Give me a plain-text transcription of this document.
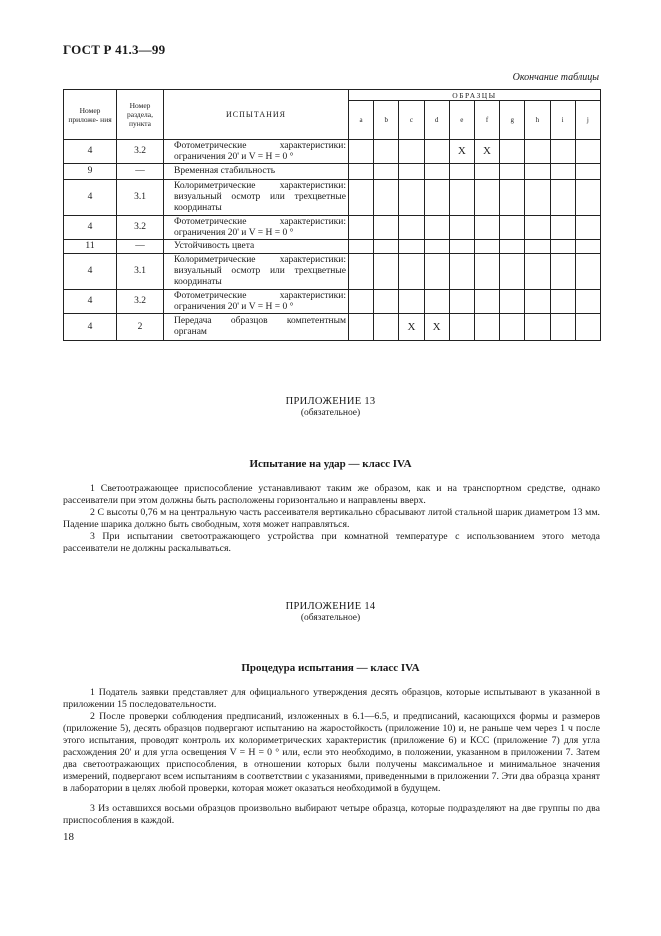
ГОСТ Р 41.3—99
Окончание таблицы
Номер приложе- ния	Номер раздела, пункта	ИСПЫТАНИЯ	ОБРАЗЦЫ									
			a	b	c	d	e	f	g	h	i	j
4	3.2	Фотометрические характеристики: ограничения 20' и V = H = 0 °					X	X				
9	—	Временная стабильность										
4	3.1	Колориметрические характеристики: визуальный осмотр или трехцветные координаты										
4	3.2	Фотометрические характеристики: ограничения 20' и V = H = 0 °										
11	—	Устойчивость цвета										
4	3.1	Колориметрические характеристики: визуальный осмотр или трехцветные координаты										
4	3.2	Фотометрические характеристики: ограничения 20' и V = H = 0 °										
4	2	Передача образцов компетентным органам			X	X						
ПРИЛОЖЕНИЕ 13
(обязательное)
Испытание на удар — класс IVA
1 Светоотражающее приспособление устанавливают таким же образом, как и на транспортном средстве, однако рассеиватели при этом должны быть расположены горизонтально и направлены вверх.
2 С высоты 0,76 м на центральную часть рассеивателя вертикально сбрасывают литой стальной шарик диаметром 13 мм. Падение шарика должно быть свободным, хотя может направляться.
3 При испытании светоотражающего устройства при комнатной температуре с использованием этого метода рассеиватели не должны раскалываться.
ПРИЛОЖЕНИЕ 14
(обязательное)
Процедура испытания — класс IVA
1 Податель заявки представляет для официального утверждения десять образцов, которые испытывают в указанной в приложении 15 последовательности.
2 После проверки соблюдения предписаний, изложенных в 6.1—6.5, и предписаний, касающихся формы и размеров (приложение 5), десять образцов подвергают испытанию на жаростойкость (приложение 10) и, не раньше чем через 1 ч после этого испытания, проводят контроль их колориметрических характеристик (приложение 6) и КСС (приложение 7) для угла расхождения 20' и для угла освещения V = H = 0 ° или, если это необходимо, в положении, указанном в приложении 7. Затем два светоотражающих приспособления, в отношении которых были получены максимальное и минимальное значения измерений, подвергают всем испытаниям в соответствии с указаниями, приведенными в приложении 7. Эти два образца хранят в лаборатории в целях любой проверки, которая может оказаться необходимой в будущем.
3 Из оставшихся восьми образцов произвольно выбирают четыре образца, которые подразделяют на две группы по два приспособления в каждой.
18
